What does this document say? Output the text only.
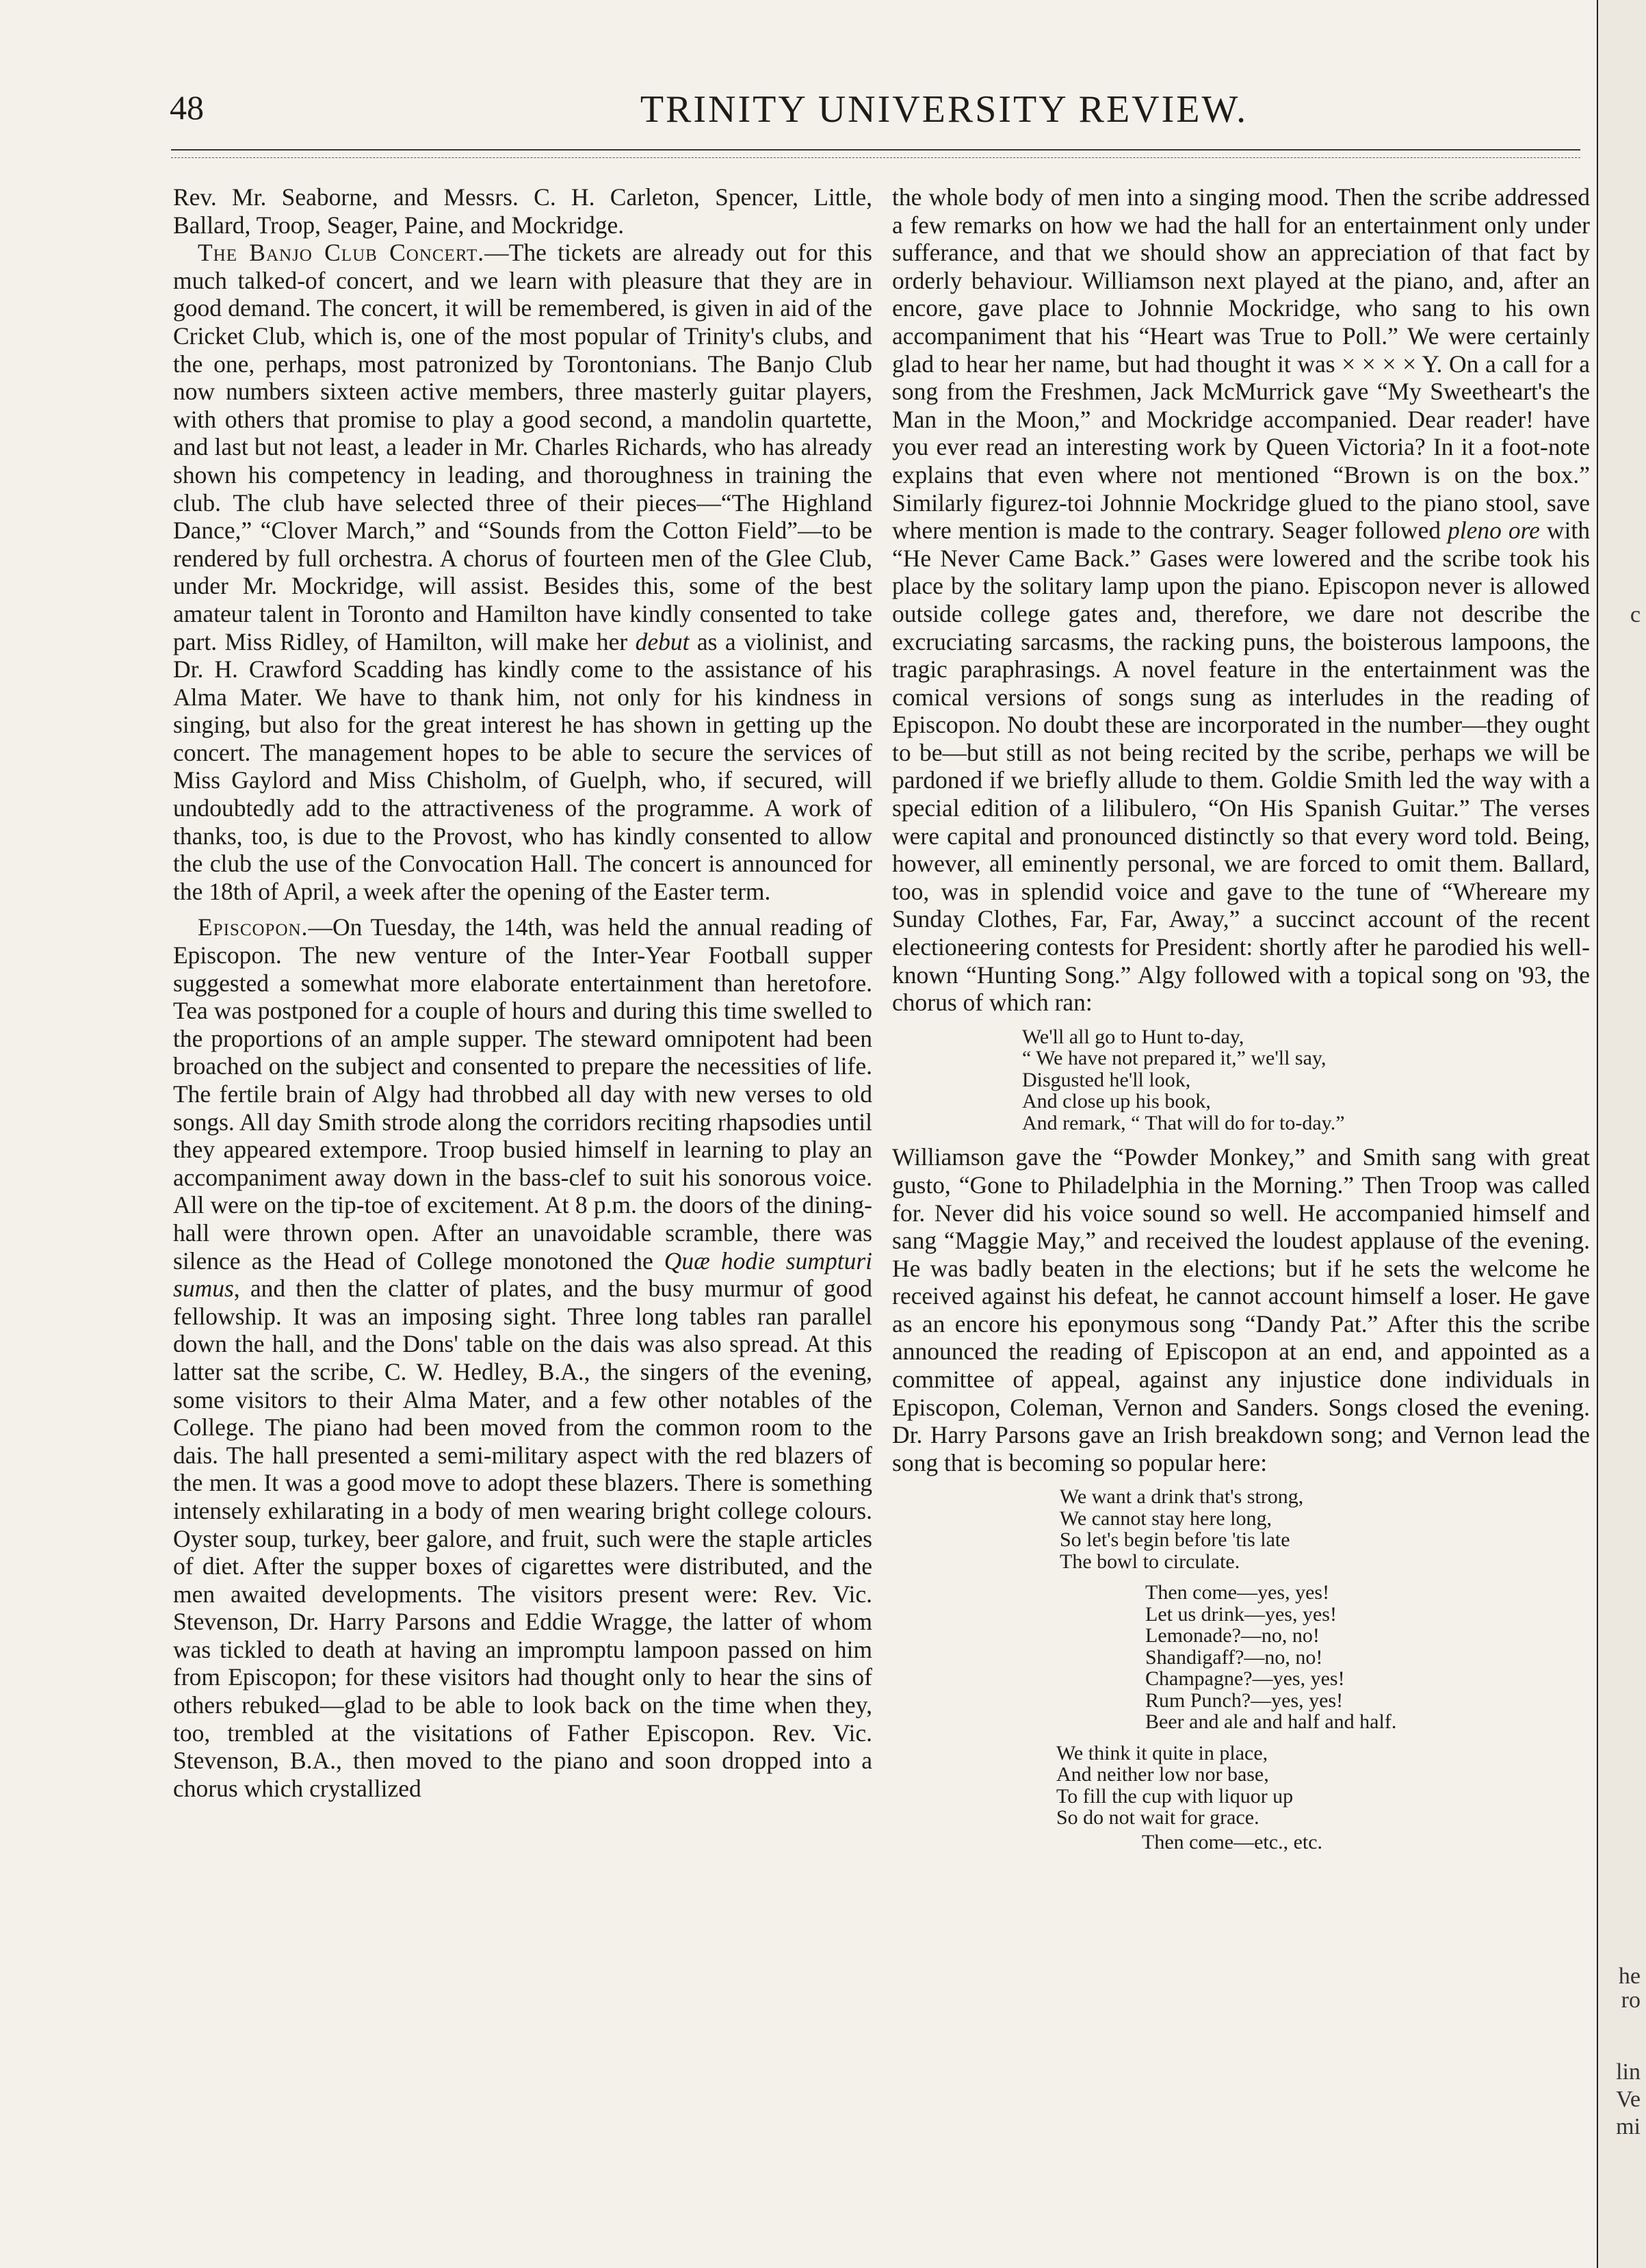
48	TRINITY UNIVERSITY REVIEW.

Rev. Mr. Seaborne, and Messrs. C. H. Carleton, Spencer, Little, Ballard, Troop, Seager, Paine, and Mockridge.

The Banjo Club Concert.—The tickets are already out for this much talked-of concert, and we learn with pleasure that they are in good demand. The concert, it will be remembered, is given in aid of the Cricket Club, which is, one of the most popular of Trinity's clubs, and the one, perhaps, most patronized by Torontonians. The Banjo Club now numbers sixteen active members, three masterly guitar players, with others that promise to play a good second, a mandolin quartette, and last but not least, a leader in Mr. Charles Richards, who has already shown his competency in leading, and thoroughness in training the club. The club have selected three of their pieces—“The Highland Dance,” “Clover March,” and “Sounds from the Cotton Field”—to be rendered by full orchestra. A chorus of fourteen men of the Glee Club, under Mr. Mockridge, will assist. Besides this, some of the best amateur talent in Toronto and Hamilton have kindly consented to take part. Miss Ridley, of Hamilton, will make her debut as a violinist, and Dr. H. Crawford Scadding has kindly come to the assistance of his Alma Mater. We have to thank him, not only for his kindness in singing, but also for the great interest he has shown in getting up the concert. The management hopes to be able to secure the services of Miss Gaylord and Miss Chisholm, of Guelph, who, if secured, will undoubtedly add to the attractiveness of the programme. A work of thanks, too, is due to the Provost, who has kindly consented to allow the club the use of the Convocation Hall. The concert is announced for the 18th of April, a week after the opening of the Easter term.

Episcopon.—On Tuesday, the 14th, was held the annual reading of Episcopon. The new venture of the Inter-Year Football supper suggested a somewhat more elaborate entertainment than heretofore. Tea was postponed for a couple of hours and during this time swelled to the proportions of an ample supper. The steward omnipotent had been broached on the subject and consented to prepare the necessities of life. The fertile brain of Algy had throbbed all day with new verses to old songs. All day Smith strode along the corridors reciting rhapsodies until they appeared extempore. Troop busied himself in learning to play an accompaniment away down in the bass-clef to suit his sonorous voice. All were on the tip-toe of excitement. At 8 p.m. the doors of the dining-hall were thrown open. After an unavoidable scramble, there was silence as the Head of College monotoned the Quæ hodie sumpturi sumus, and then the clatter of plates, and the busy murmur of good fellowship. It was an imposing sight. Three long tables ran parallel down the hall, and the Dons' table on the dais was also spread. At this latter sat the scribe, C. W. Hedley, B.A., the singers of the evening, some visitors to their Alma Mater, and a few other notables of the College. The piano had been moved from the common room to the dais. The hall presented a semi-military aspect with the red blazers of the men. It was a good move to adopt these blazers. There is something intensely exhilarating in a body of men wearing bright college colours. Oyster soup, turkey, beer galore, and fruit, such were the staple articles of diet. After the supper boxes of cigarettes were distributed, and the men awaited developments. The visitors present were: Rev. Vic. Stevenson, Dr. Harry Parsons and Eddie Wragge, the latter of whom was tickled to death at having an impromptu lampoon passed on him from Episcopon; for these visitors had thought only to hear the sins of others rebuked—glad to be able to look back on the time when they, too, trembled at the visitations of Father Episcopon. Rev. Vic. Stevenson, B.A., then moved to the piano and soon dropped into a chorus which crystallized

the whole body of men into a singing mood. Then the scribe addressed a few remarks on how we had the hall for an entertainment only under sufferance, and that we should show an appreciation of that fact by orderly behaviour. Williamson next played at the piano, and, after an encore, gave place to Johnnie Mockridge, who sang to his own accompaniment that his “Heart was True to Poll.” We were certainly glad to hear her name, but had thought it was × × × × Y. On a call for a song from the Freshmen, Jack McMurrick gave “My Sweetheart's the Man in the Moon,” and Mockridge accompanied. Dear reader! have you ever read an interesting work by Queen Victoria? In it a foot-note explains that even where not mentioned “Brown is on the box.” Similarly figurez-toi Johnnie Mockridge glued to the piano stool, save where mention is made to the contrary. Seager followed pleno ore with “He Never Came Back.” Gases were lowered and the scribe took his place by the solitary lamp upon the piano. Episcopon never is allowed outside college gates and, therefore, we dare not describe the excruciating sarcasms, the racking puns, the boisterous lampoons, the tragic paraphrasings. A novel feature in the entertainment was the comical versions of songs sung as interludes in the reading of Episcopon. No doubt these are incorporated in the number—they ought to be—but still as not being recited by the scribe, perhaps we will be pardoned if we briefly allude to them. Goldie Smith led the way with a special edition of a lilibulero, “On His Spanish Guitar.” The verses were capital and pronounced distinctly so that every word told. Being, however, all eminently personal, we are forced to omit them. Ballard, too, was in splendid voice and gave to the tune of “Whereare my Sunday Clothes, Far, Far, Away,” a succinct account of the recent electioneering contests for President: shortly after he parodied his well-known “Hunting Song.” Algy followed with a topical song on '93, the chorus of which ran:

We'll all go to Hunt to-day,
“ We have not prepared it,” we'll say,
Disgusted he'll look,
And close up his book,
And remark, “ That will do for to-day.”

Williamson gave the “Powder Monkey,” and Smith sang with great gusto, “Gone to Philadelphia in the Morning.” Then Troop was called for. Never did his voice sound so well. He accompanied himself and sang “Maggie May,” and received the loudest applause of the evening. He was badly beaten in the elections; but if he sets the welcome he received against his defeat, he cannot account himself a loser. He gave as an encore his eponymous song “Dandy Pat.” After this the scribe announced the reading of Episcopon at an end, and appointed as a committee of appeal, against any injustice done individuals in Episcopon, Coleman, Vernon and Sanders. Songs closed the evening. Dr. Harry Parsons gave an Irish breakdown song; and Vernon lead the song that is becoming so popular here:

We want a drink that's strong,
We cannot stay here long,
So let's begin before 'tis late
The bowl to circulate.
Then come—yes, yes!
Let us drink—yes, yes!
Lemonade?—no, no!
Shandigaff?—no, no!
Champagne?—yes, yes!
Rum Punch?—yes, yes!
Beer and ale and half and half.
We think it quite in place,
And neither low nor base,
To fill the cup with liquor up
So do not wait for grace.
Then come—etc., etc.
c
he
ro
lin
Ve
mi
